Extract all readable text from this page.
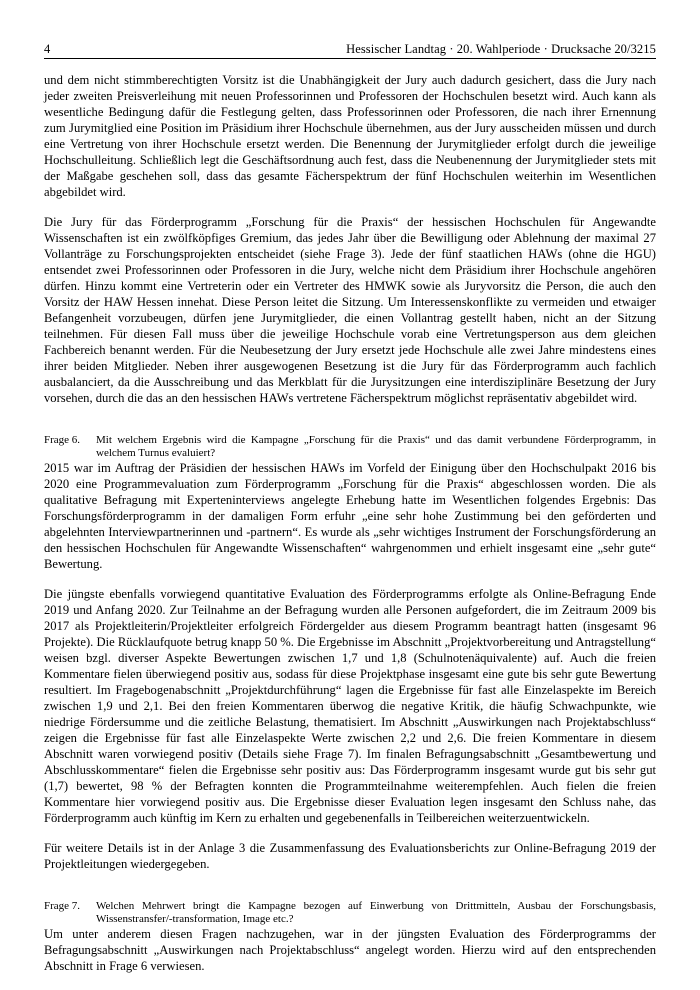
4	Hessischer Landtag · 20. Wahlperiode · Drucksache 20/3215

und dem nicht stimmberechtigten Vorsitz ist die Unabhängigkeit der Jury auch dadurch gesichert, dass die Jury nach jeder zweiten Preisverleihung mit neuen Professorinnen und Professoren der Hochschulen besetzt wird. Auch kann als wesentliche Bedingung dafür die Festlegung gelten, dass Professorinnen oder Professoren, die nach ihrer Ernennung zum Jurymitglied eine Position im Präsidium ihrer Hochschule übernehmen, aus der Jury ausscheiden müssen und durch eine Vertretung von ihrer Hochschule ersetzt werden. Die Benennung der Jurymitglieder erfolgt durch die jeweilige Hochschulleitung. Schließlich legt die Geschäftsordnung auch fest, dass die Neubenennung der Jurymitglieder stets mit der Maßgabe geschehen soll, dass das gesamte Fächerspektrum der fünf Hochschulen weiterhin im Wesentlichen abgebildet wird.

Die Jury für das Förderprogramm „Forschung für die Praxis“ der hessischen Hochschulen für Angewandte Wissenschaften ist ein zwölfköpfiges Gremium, das jedes Jahr über die Bewilligung oder Ablehnung der maximal 27 Vollanträge zu Forschungsprojekten entscheidet (siehe Frage 3). Jede der fünf staatlichen HAWs (ohne die HGU) entsendet zwei Professorinnen oder Professoren in die Jury, welche nicht dem Präsidium ihrer Hochschule angehören dürfen. Hinzu kommt eine Vertreterin oder ein Vertreter des HMWK sowie als Juryvorsitz die Person, die auch den Vorsitz der HAW Hessen innehat. Diese Person leitet die Sitzung. Um Interessenskonflikte zu vermeiden und etwaiger Befangenheit vorzubeugen, dürfen jene Jurymitglieder, die einen Vollantrag gestellt haben, nicht an der Sitzung teilnehmen. Für diesen Fall muss über die jeweilige Hochschule vorab eine Vertretungsperson aus dem gleichen Fachbereich benannt werden. Für die Neubesetzung der Jury ersetzt jede Hochschule alle zwei Jahre mindestens eines ihrer beiden Mitglieder. Neben ihrer ausgewogenen Besetzung ist die Jury für das Förderprogramm auch fachlich ausbalanciert, da die Ausschreibung und das Merkblatt für die Jurysitzungen eine interdisziplinäre Besetzung der Jury vorsehen, durch die das an den hessischen HAWs vertretene Fächerspektrum möglichst repräsentativ abgebildet wird.

Frage 6.	Mit welchem Ergebnis wird die Kampagne „Forschung für die Praxis“ und das damit verbundene Förderprogramm, in welchem Turnus evaluiert?

2015 war im Auftrag der Präsidien der hessischen HAWs im Vorfeld der Einigung über den Hochschulpakt 2016 bis 2020 eine Programmevaluation zum Förderprogramm „Forschung für die Praxis“ abgeschlossen worden. Die als qualitative Befragung mit Experteninterviews angelegte Erhebung hatte im Wesentlichen folgendes Ergebnis: Das Forschungsförderprogramm in der damaligen Form erfuhr „eine sehr hohe Zustimmung bei den geförderten und abgelehnten Interviewpartnerinnen und -partnern“. Es wurde als „sehr wichtiges Instrument der Forschungsförderung an den hessischen Hochschulen für Angewandte Wissenschaften“ wahrgenommen und erhielt insgesamt eine „sehr gute“ Bewertung.

Die jüngste ebenfalls vorwiegend quantitative Evaluation des Förderprogramms erfolgte als Online-Befragung Ende 2019 und Anfang 2020. Zur Teilnahme an der Befragung wurden alle Personen aufgefordert, die im Zeitraum 2009 bis 2017 als Projektleiterin/Projektleiter erfolgreich Fördergelder aus diesem Programm beantragt hatten (insgesamt 96 Projekte). Die Rücklaufquote betrug knapp 50 %. Die Ergebnisse im Abschnitt „Projektvorbereitung und Antragstellung“ weisen bzgl. diverser Aspekte Bewertungen zwischen 1,7 und 1,8 (Schulnotenäquivalente) auf. Auch die freien Kommentare fielen überwiegend positiv aus, sodass für diese Projektphase insgesamt eine gute bis sehr gute Bewertung resultiert. Im Fragebogenabschnitt „Projektdurchführung“ lagen die Ergebnisse für fast alle Einzelaspekte im Bereich zwischen 1,9 und 2,1. Bei den freien Kommentaren überwog die negative Kritik, die häufig Schwachpunkte, wie niedrige Fördersumme und die zeitliche Belastung, thematisiert. Im Abschnitt „Auswirkungen nach Projektabschluss“ zeigen die Ergebnisse für fast alle Einzelaspekte Werte zwischen 2,2 und 2,6. Die freien Kommentare in diesem Abschnitt waren vorwiegend positiv (Details siehe Frage 7). Im finalen Befragungsabschnitt „Gesamtbewertung und Abschlusskommentare“ fielen die Ergebnisse sehr positiv aus: Das Förderprogramm insgesamt wurde gut bis sehr gut (1,7) bewertet, 98 % der Befragten konnten die Programmteilnahme weiterempfehlen. Auch fielen die freien Kommentare hier vorwiegend positiv aus. Die Ergebnisse dieser Evaluation legen insgesamt den Schluss nahe, das Förderprogramm auch künftig im Kern zu erhalten und gegebenenfalls in Teilbereichen weiterzuentwickeln.

Für weitere Details ist in der Anlage 3 die Zusammenfassung des Evaluationsberichts zur Online-Befragung 2019 der Projektleitungen wiedergegeben.

Frage 7.	Welchen Mehrwert bringt die Kampagne bezogen auf Einwerbung von Drittmitteln, Ausbau der Forschungsbasis, Wissenstransfer/-transformation, Image etc.?

Um unter anderem diesen Fragen nachzugehen, war in der jüngsten Evaluation des Förderprogramms der Befragungsabschnitt „Auswirkungen nach Projektabschluss“ angelegt worden. Hierzu wird auf den entsprechenden Abschnitt in Frage 6 verwiesen.
